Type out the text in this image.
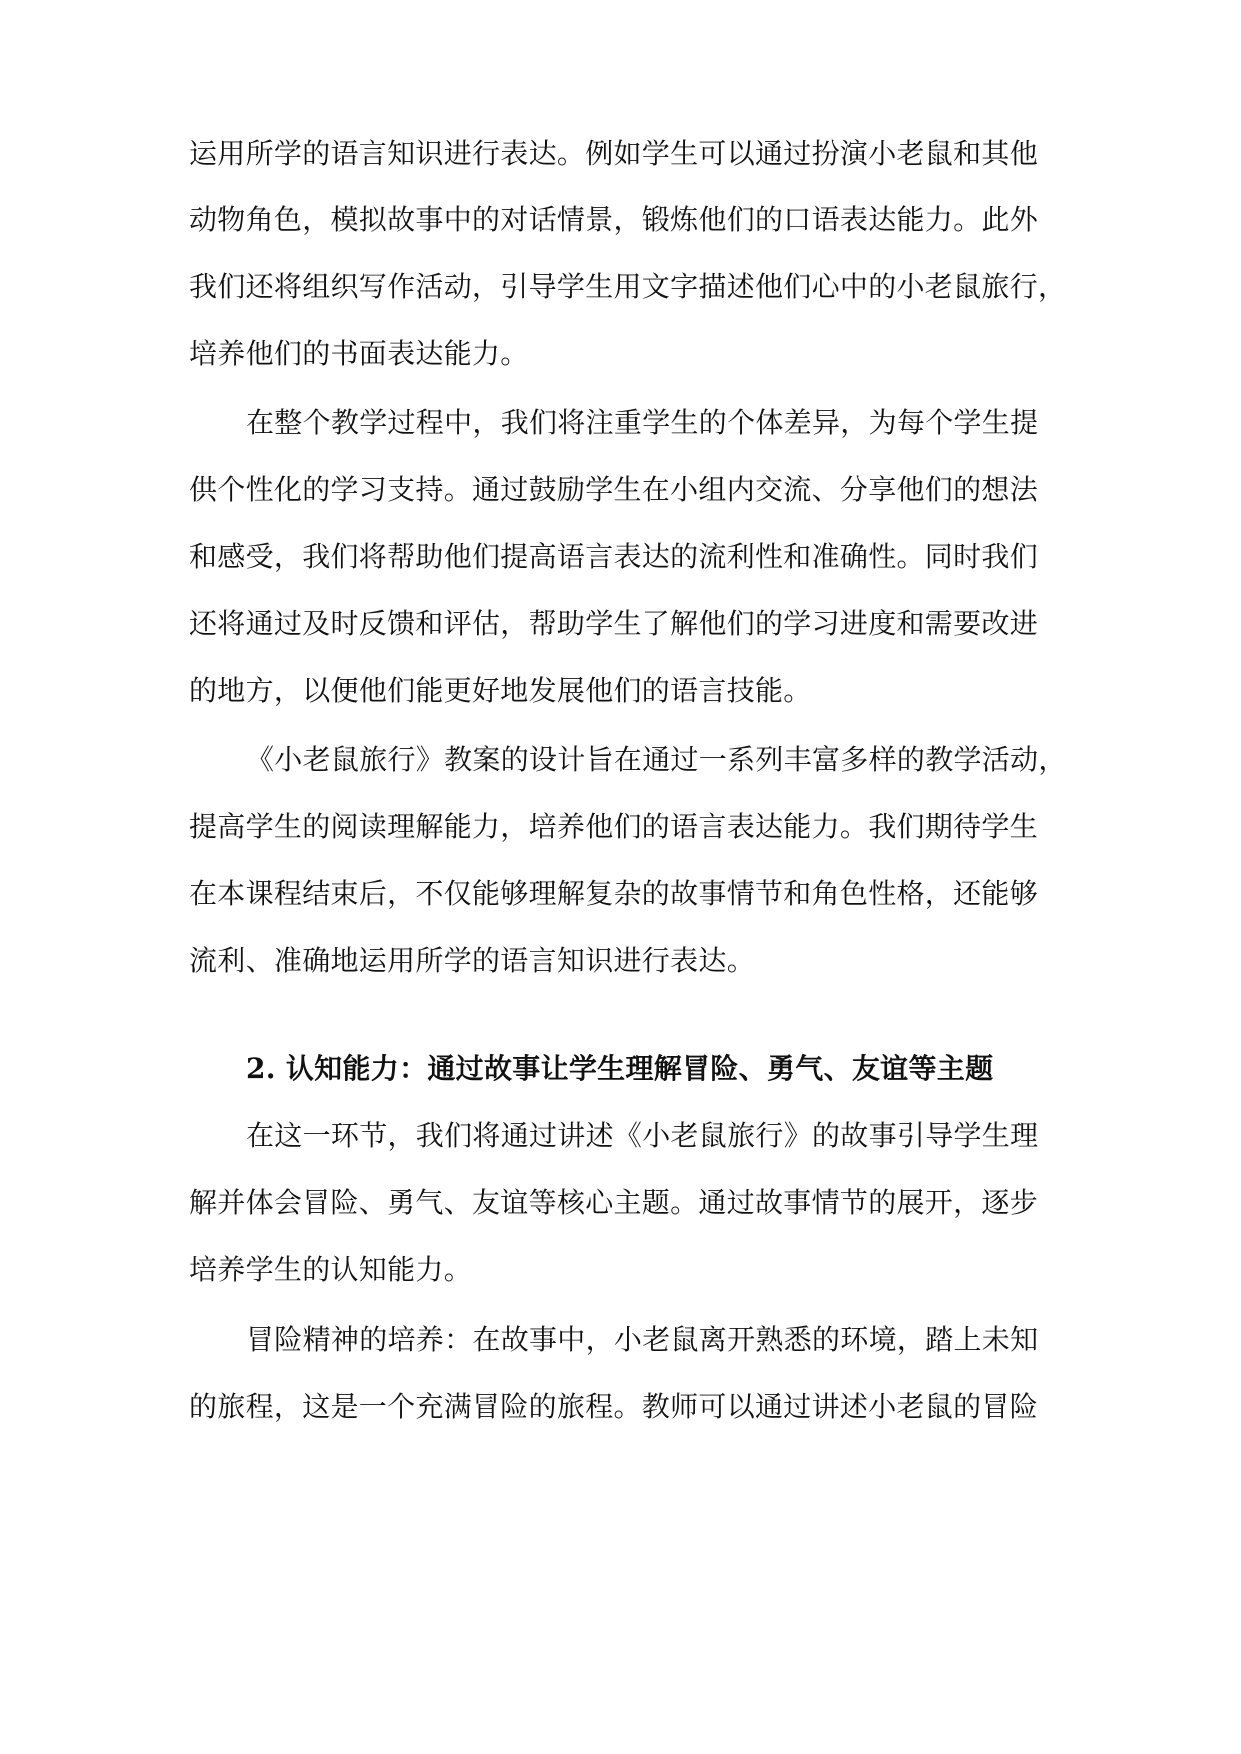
运用所学的语言知识进行表达。例如学生可以通过扮演小老鼠和其他
动物角色，模拟故事中的对话情景，锻炼他们的口语表达能力。此外
我们还将组织写作活动，引导学生用文字描述他们心中的小老鼠旅行，
培养他们的书面表达能力。
在整个教学过程中，我们将注重学生的个体差异，为每个学生提
供个性化的学习支持。通过鼓励学生在小组内交流、分享他们的想法
和感受，我们将帮助他们提高语言表达的流利性和准确性。同时我们
还将通过及时反馈和评估，帮助学生了解他们的学习进度和需要改进
的地方，以便他们能更好地发展他们的语言技能。
《小老鼠旅行》教案的设计旨在通过一系列丰富多样的教学活动，
提高学生的阅读理解能力，培养他们的语言表达能力。我们期待学生
在本课程结束后，不仅能够理解复杂的故事情节和角色性格，还能够
流利、准确地运用所学的语言知识进行表达。
2. 认知能力：通过故事让学生理解冒险、勇气、友谊等主题
在这一环节，我们将通过讲述《小老鼠旅行》的故事引导学生理
解并体会冒险、勇气、友谊等核心主题。通过故事情节的展开，逐步
培养学生的认知能力。
冒险精神的培养：在故事中，小老鼠离开熟悉的环境，踏上未知
的旅程，这是一个充满冒险的旅程。教师可以通过讲述小老鼠的冒险
